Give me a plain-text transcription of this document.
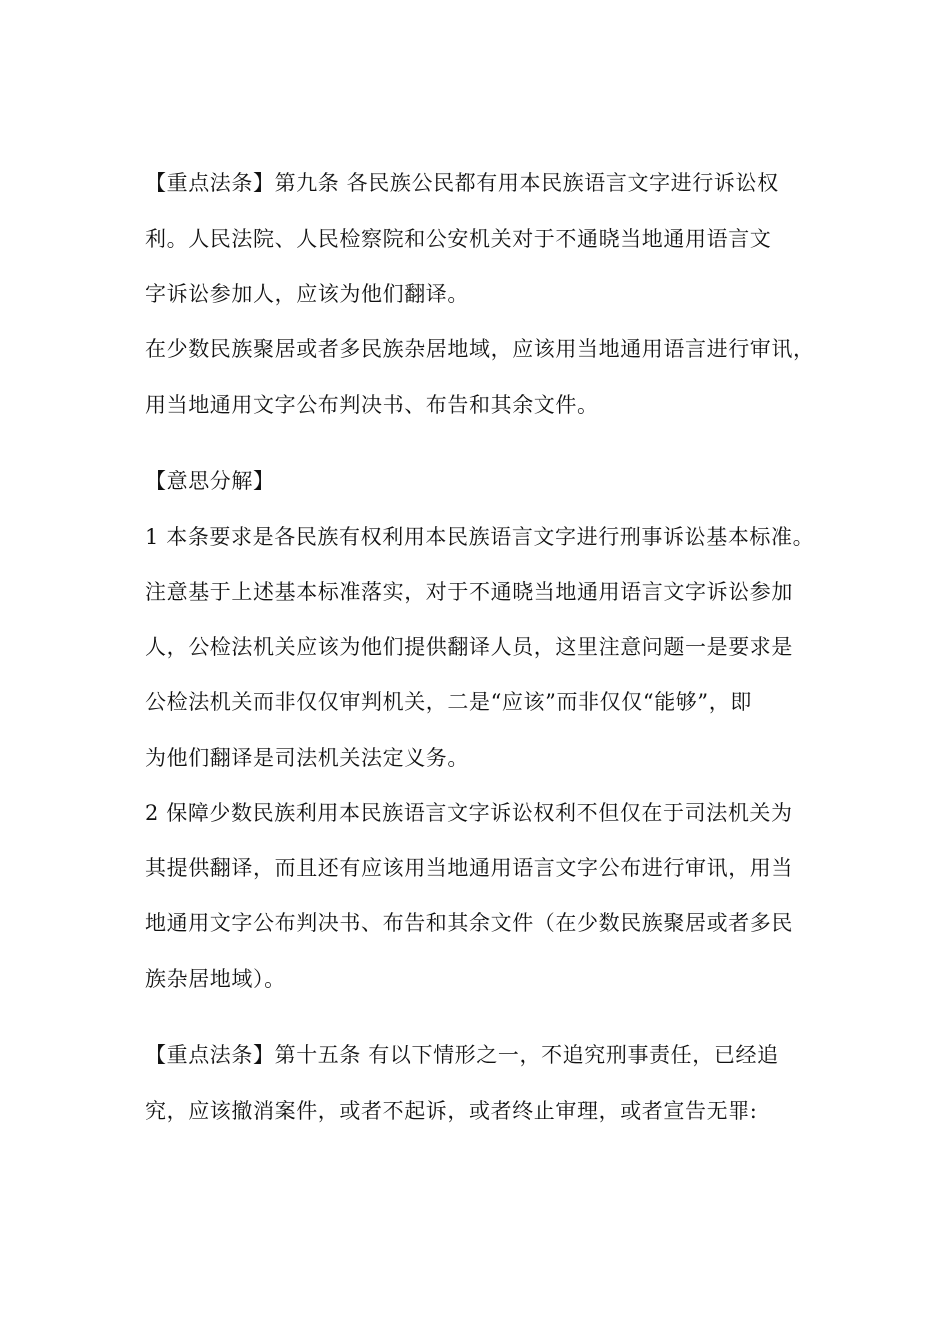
【重点法条】第九条 各民族公民都有用本民族语言文字进行诉讼权
利。人民法院、人民检察院和公安机关对于不通晓当地通用语言文
字诉讼参加人，应该为他们翻译。
在少数民族聚居或者多民族杂居地域，应该用当地通用语言进行审讯，
用当地通用文字公布判决书、布告和其余文件。
【意思分解】
1 本条要求是各民族有权利用本民族语言文字进行刑事诉讼基本标准。
注意基于上述基本标准落实，对于不通晓当地通用语言文字诉讼参加
人，公检法机关应该为他们提供翻译人员，这里注意问题一是要求是
公检法机关而非仅仅审判机关，二是“应该”而非仅仅“能够”，即
为他们翻译是司法机关法定义务。
2 保障少数民族利用本民族语言文字诉讼权利不但仅在于司法机关为
其提供翻译，而且还有应该用当地通用语言文字公布进行审讯，用当
地通用文字公布判决书、布告和其余文件（在少数民族聚居或者多民
族杂居地域）。
【重点法条】第十五条 有以下情形之一，不追究刑事责任，已经追
究，应该撤消案件，或者不起诉，或者终止审理，或者宣告无罪:
